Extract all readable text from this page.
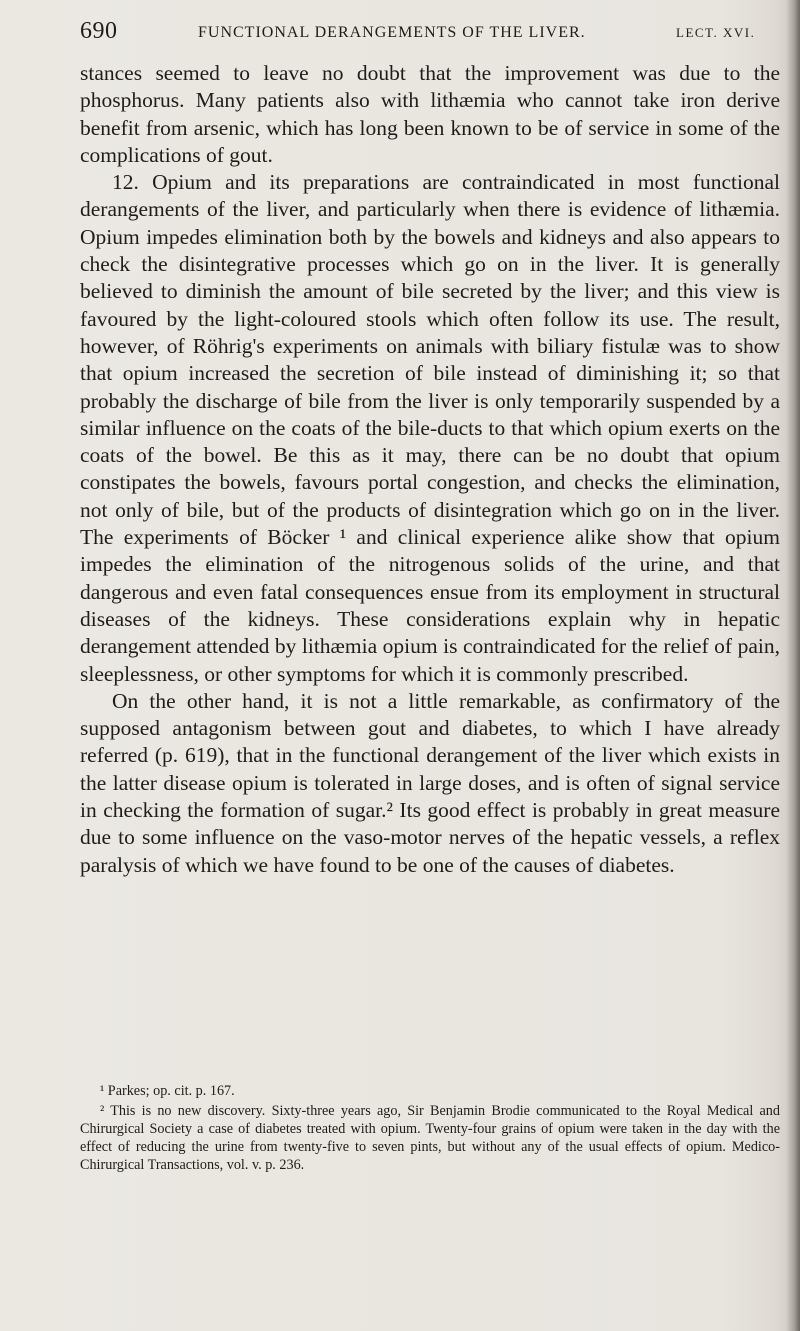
690	FUNCTIONAL DERANGEMENTS OF THE LIVER.	LECT. XVI.

stances seemed to leave no doubt that the improvement was due to the phosphorus. Many patients also with lithæmia who cannot take iron derive benefit from arsenic, which has long been known to be of service in some of the complications of gout.

12. Opium and its preparations are contraindicated in most functional derangements of the liver, and particularly when there is evidence of lithæmia. Opium impedes elimination both by the bowels and kidneys and also appears to check the disintegrative processes which go on in the liver. It is generally believed to diminish the amount of bile secreted by the liver; and this view is favoured by the light-coloured stools which often follow its use. The result, however, of Röhrig's experiments on animals with biliary fistulæ was to show that opium increased the secretion of bile instead of diminishing it; so that probably the discharge of bile from the liver is only temporarily suspended by a similar influence on the coats of the bile-ducts to that which opium exerts on the coats of the bowel. Be this as it may, there can be no doubt that opium constipates the bowels, favours portal congestion, and checks the elimination, not only of bile, but of the products of disintegration which go on in the liver. The experiments of Böcker ¹ and clinical experience alike show that opium impedes the elimination of the nitrogenous solids of the urine, and that dangerous and even fatal consequences ensue from its employment in structural diseases of the kidneys. These considerations explain why in hepatic derangement attended by lithæmia opium is contraindicated for the relief of pain, sleeplessness, or other symptoms for which it is commonly prescribed.

On the other hand, it is not a little remarkable, as confirmatory of the supposed antagonism between gout and diabetes, to which I have already referred (p. 619), that in the functional derangement of the liver which exists in the latter disease opium is tolerated in large doses, and is often of signal service in checking the formation of sugar.² Its good effect is probably in great measure due to some influence on the vaso-motor nerves of the hepatic vessels, a reflex paralysis of which we have found to be one of the causes of diabetes.

¹ Parkes; op. cit. p. 167.

² This is no new discovery. Sixty-three years ago, Sir Benjamin Brodie communicated to the Royal Medical and Chirurgical Society a case of diabetes treated with opium. Twenty-four grains of opium were taken in the day with the effect of reducing the urine from twenty-five to seven pints, but without any of the usual effects of opium. Medico-Chirurgical Transactions, vol. v. p. 236.
